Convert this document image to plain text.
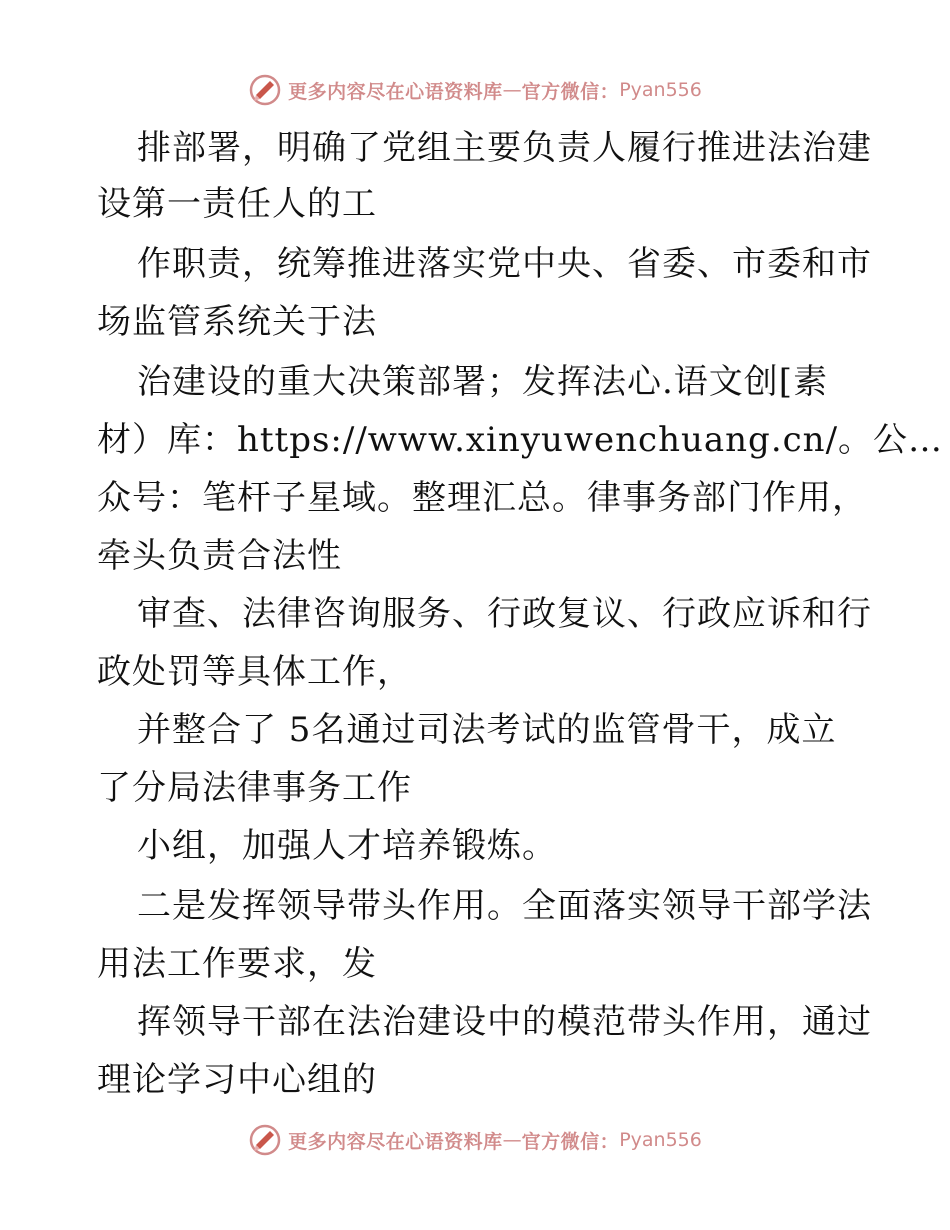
更多内容尽在心语资料库 — 官方微信： Pyan556
排部署，明确了党组主要负责人履行推进法治建
设第一责任人的工
作职责，统筹推进落实党中央、省委、市委和市
场监管系统关于法
治建设的重大决策部署；发挥法心.语文创[素
材）库：https://www.xinyuwenchuang.cn/。公…
众号：笔杆子星域。整理汇总。律事务部门作用，
牵头负责合法性
审查、法律咨询服务、行政复议、行政应诉和行
政处罚等具体工作，
并整合了 5名通过司法考试的监管骨干，成立
了分局法律事务工作
小组，加强人才培养锻炼。
二是发挥领导带头作用。全面落实领导干部学法
用法工作要求，发
挥领导干部在法治建设中的模范带头作用，通过
理论学习中心组的
更多内容尽在心语资料库 — 官方微信： Pyan556
